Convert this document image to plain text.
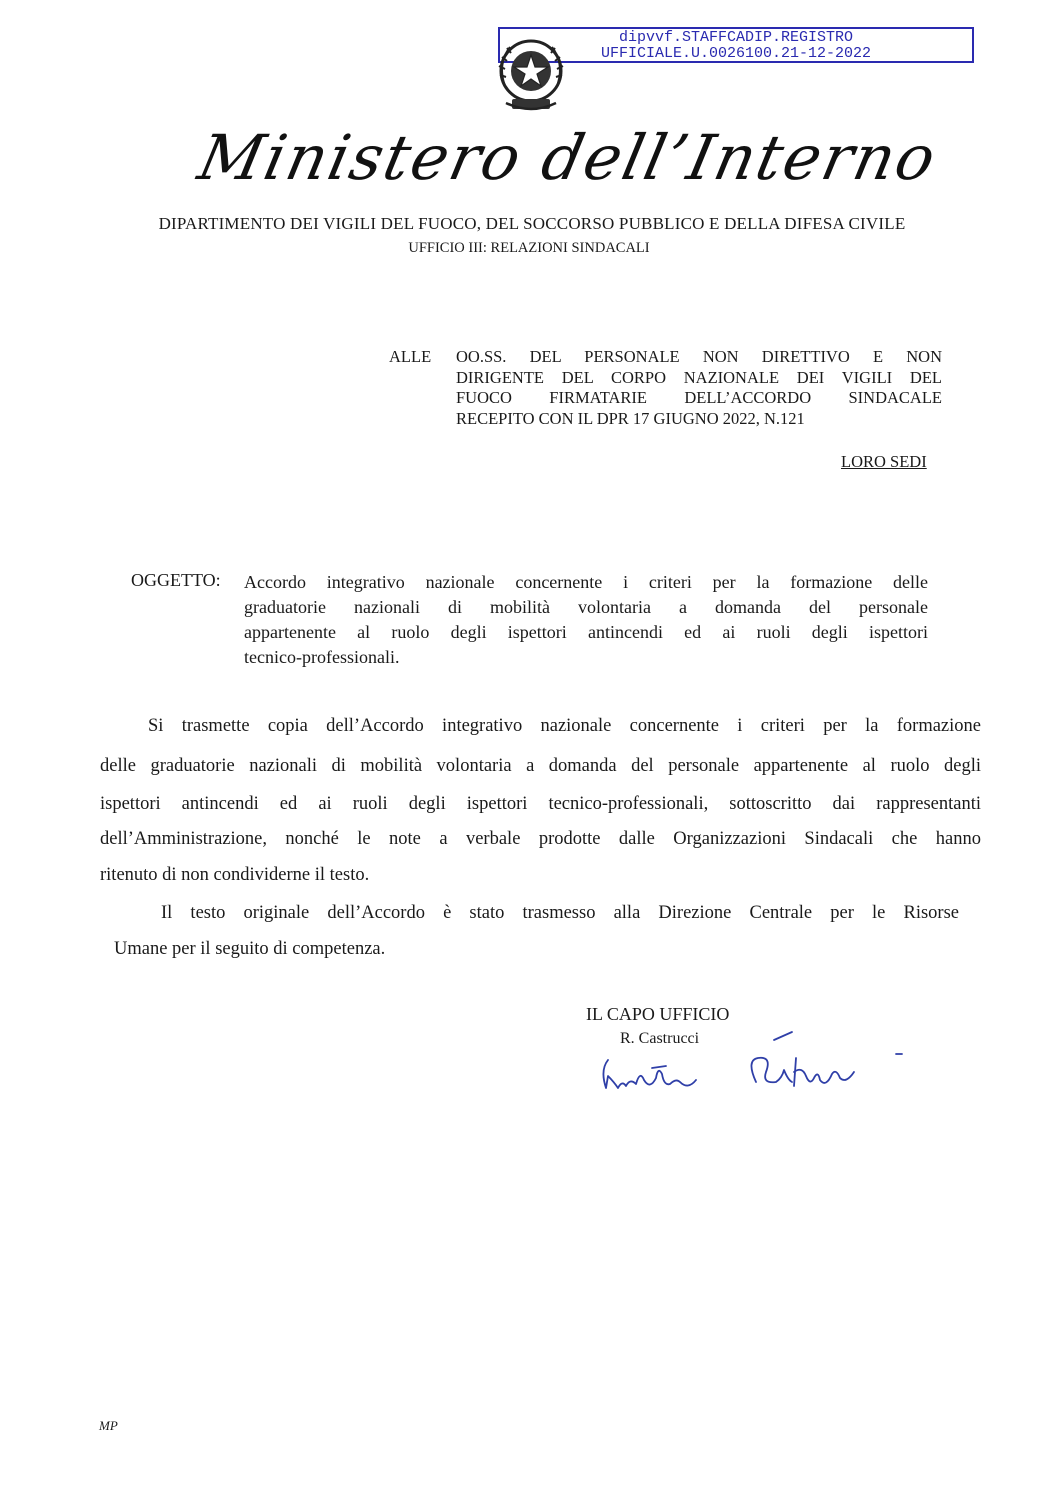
dipvvf.STAFFCADIP.REGISTRO
UFFICIALE.U.0026100.21-12-2022
Ministero dell’Interno
DIPARTIMENTO DEI VIGILI DEL FUOCO, DEL SOCCORSO PUBBLICO E DELLA DIFESA CIVILE
UFFICIO III: RELAZIONI SINDACALI
ALLE OO.SS. DEL PERSONALE NON DIRETTIVO E NON
DIRIGENTE DEL CORPO NAZIONALE DEI VIGILI DEL
FUOCO FIRMATARIE DELL’ACCORDO SINDACALE
RECEPITO CON IL DPR 17 GIUGNO 2022, N.121
LORO SEDI
OGGETTO: Accordo integrativo nazionale concernente i criteri per la formazione delle
graduatorie nazionali di mobilità volontaria a domanda del personale
appartenente al ruolo degli ispettori antincendi ed ai ruoli degli ispettori
tecnico-professionali.
Si trasmette copia dell’Accordo integrativo nazionale concernente i criteri per la formazione
delle graduatorie nazionali di mobilità volontaria a domanda del personale appartenente al ruolo degli
ispettori antincendi ed ai ruoli degli ispettori tecnico-professionali, sottoscritto dai rappresentanti
dell’Amministrazione, nonché le note a verbale prodotte dalle Organizzazioni Sindacali che hanno
ritenuto di non condividerne il testo.
Il testo originale dell’Accordo è stato trasmesso alla Direzione Centrale per le Risorse
Umane per il seguito di competenza.
IL CAPO UFFICIO
R. Castrucci
MP
